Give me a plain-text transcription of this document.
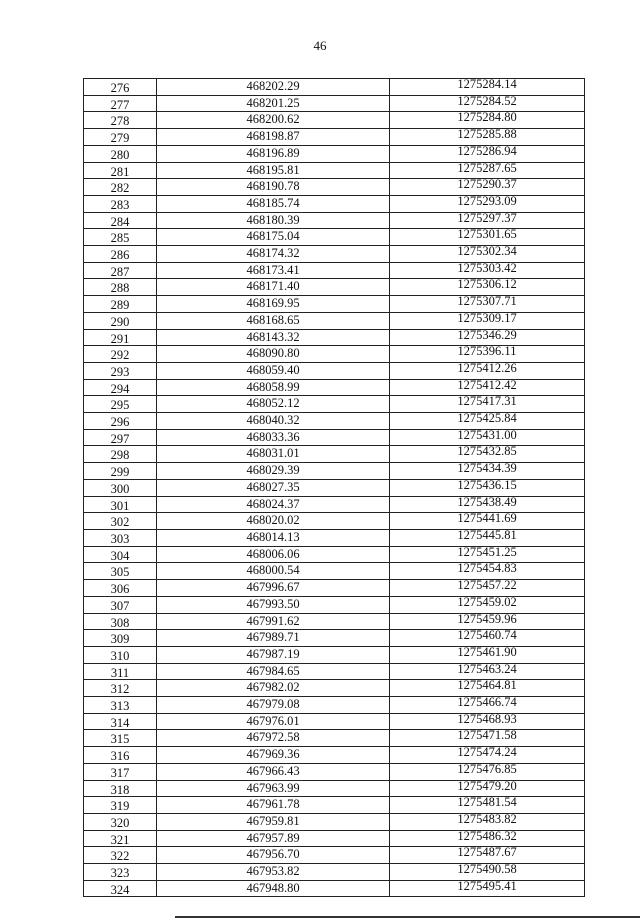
46
276	468202.29	1275284.14
277	468201.25	1275284.52
278	468200.62	1275284.80
279	468198.87	1275285.88
280	468196.89	1275286.94
281	468195.81	1275287.65
282	468190.78	1275290.37
283	468185.74	1275293.09
284	468180.39	1275297.37
285	468175.04	1275301.65
286	468174.32	1275302.34
287	468173.41	1275303.42
288	468171.40	1275306.12
289	468169.95	1275307.71
290	468168.65	1275309.17
291	468143.32	1275346.29
292	468090.80	1275396.11
293	468059.40	1275412.26
294	468058.99	1275412.42
295	468052.12	1275417.31
296	468040.32	1275425.84
297	468033.36	1275431.00
298	468031.01	1275432.85
299	468029.39	1275434.39
300	468027.35	1275436.15
301	468024.37	1275438.49
302	468020.02	1275441.69
303	468014.13	1275445.81
304	468006.06	1275451.25
305	468000.54	1275454.83
306	467996.67	1275457.22
307	467993.50	1275459.02
308	467991.62	1275459.96
309	467989.71	1275460.74
310	467987.19	1275461.90
311	467984.65	1275463.24
312	467982.02	1275464.81
313	467979.08	1275466.74
314	467976.01	1275468.93
315	467972.58	1275471.58
316	467969.36	1275474.24
317	467966.43	1275476.85
318	467963.99	1275479.20
319	467961.78	1275481.54
320	467959.81	1275483.82
321	467957.89	1275486.32
322	467956.70	1275487.67
323	467953.82	1275490.58
324	467948.80	1275495.41
